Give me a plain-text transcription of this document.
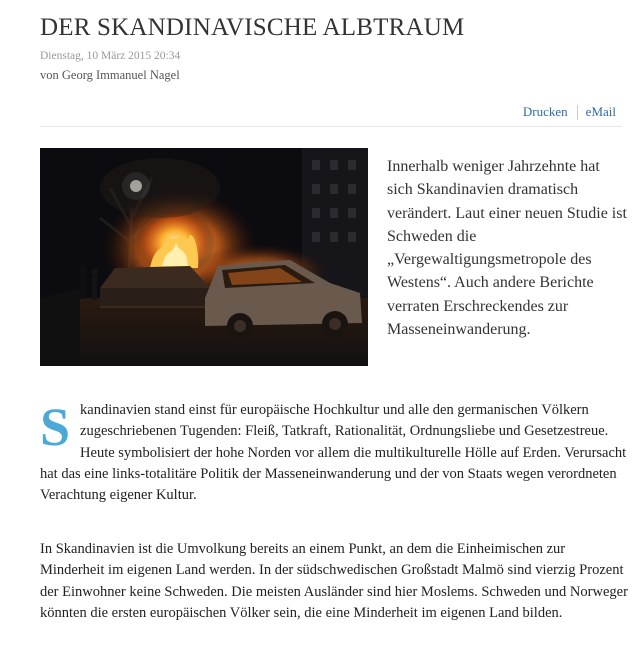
DER SKANDINAVISCHE ALBTRAUM
Dienstag, 10 März 2015 20:34
von Georg Immanuel Nagel
Drucken eMail

Innerhalb weniger Jahrzehnte hat sich Skandinavien dramatisch verändert. Laut einer neuen Studie ist Schweden die „Vergewaltigungsmetropole des Westens“. Auch andere Berichte verraten Erschreckendes zur Masseneinwanderung.

Skandinavien stand einst für europäische Hochkultur und alle den germanischen Völkern zugeschriebenen Tugenden: Fleiß, Tatkraft, Rationalität, Ordnungsliebe und Gesetzestreue. Heute symbolisiert der hohe Norden vor allem die multikulturelle Hölle auf Erden. Verursacht hat das eine links-totalitäre Politik der Masseneinwanderung und der von Staats wegen verordneten Verachtung eigener Kultur.

In Skandinavien ist die Umvolkung bereits an einem Punkt, an dem die Einheimischen zur Minderheit im eigenen Land werden. In der südschwedischen Großstadt Malmö sind vierzig Prozent der Einwohner keine Schweden. Die meisten Ausländer sind hier Moslems. Schweden und Norweger könnten die ersten europäischen Völker sein, die eine Minderheit im eigenen Land bilden.
